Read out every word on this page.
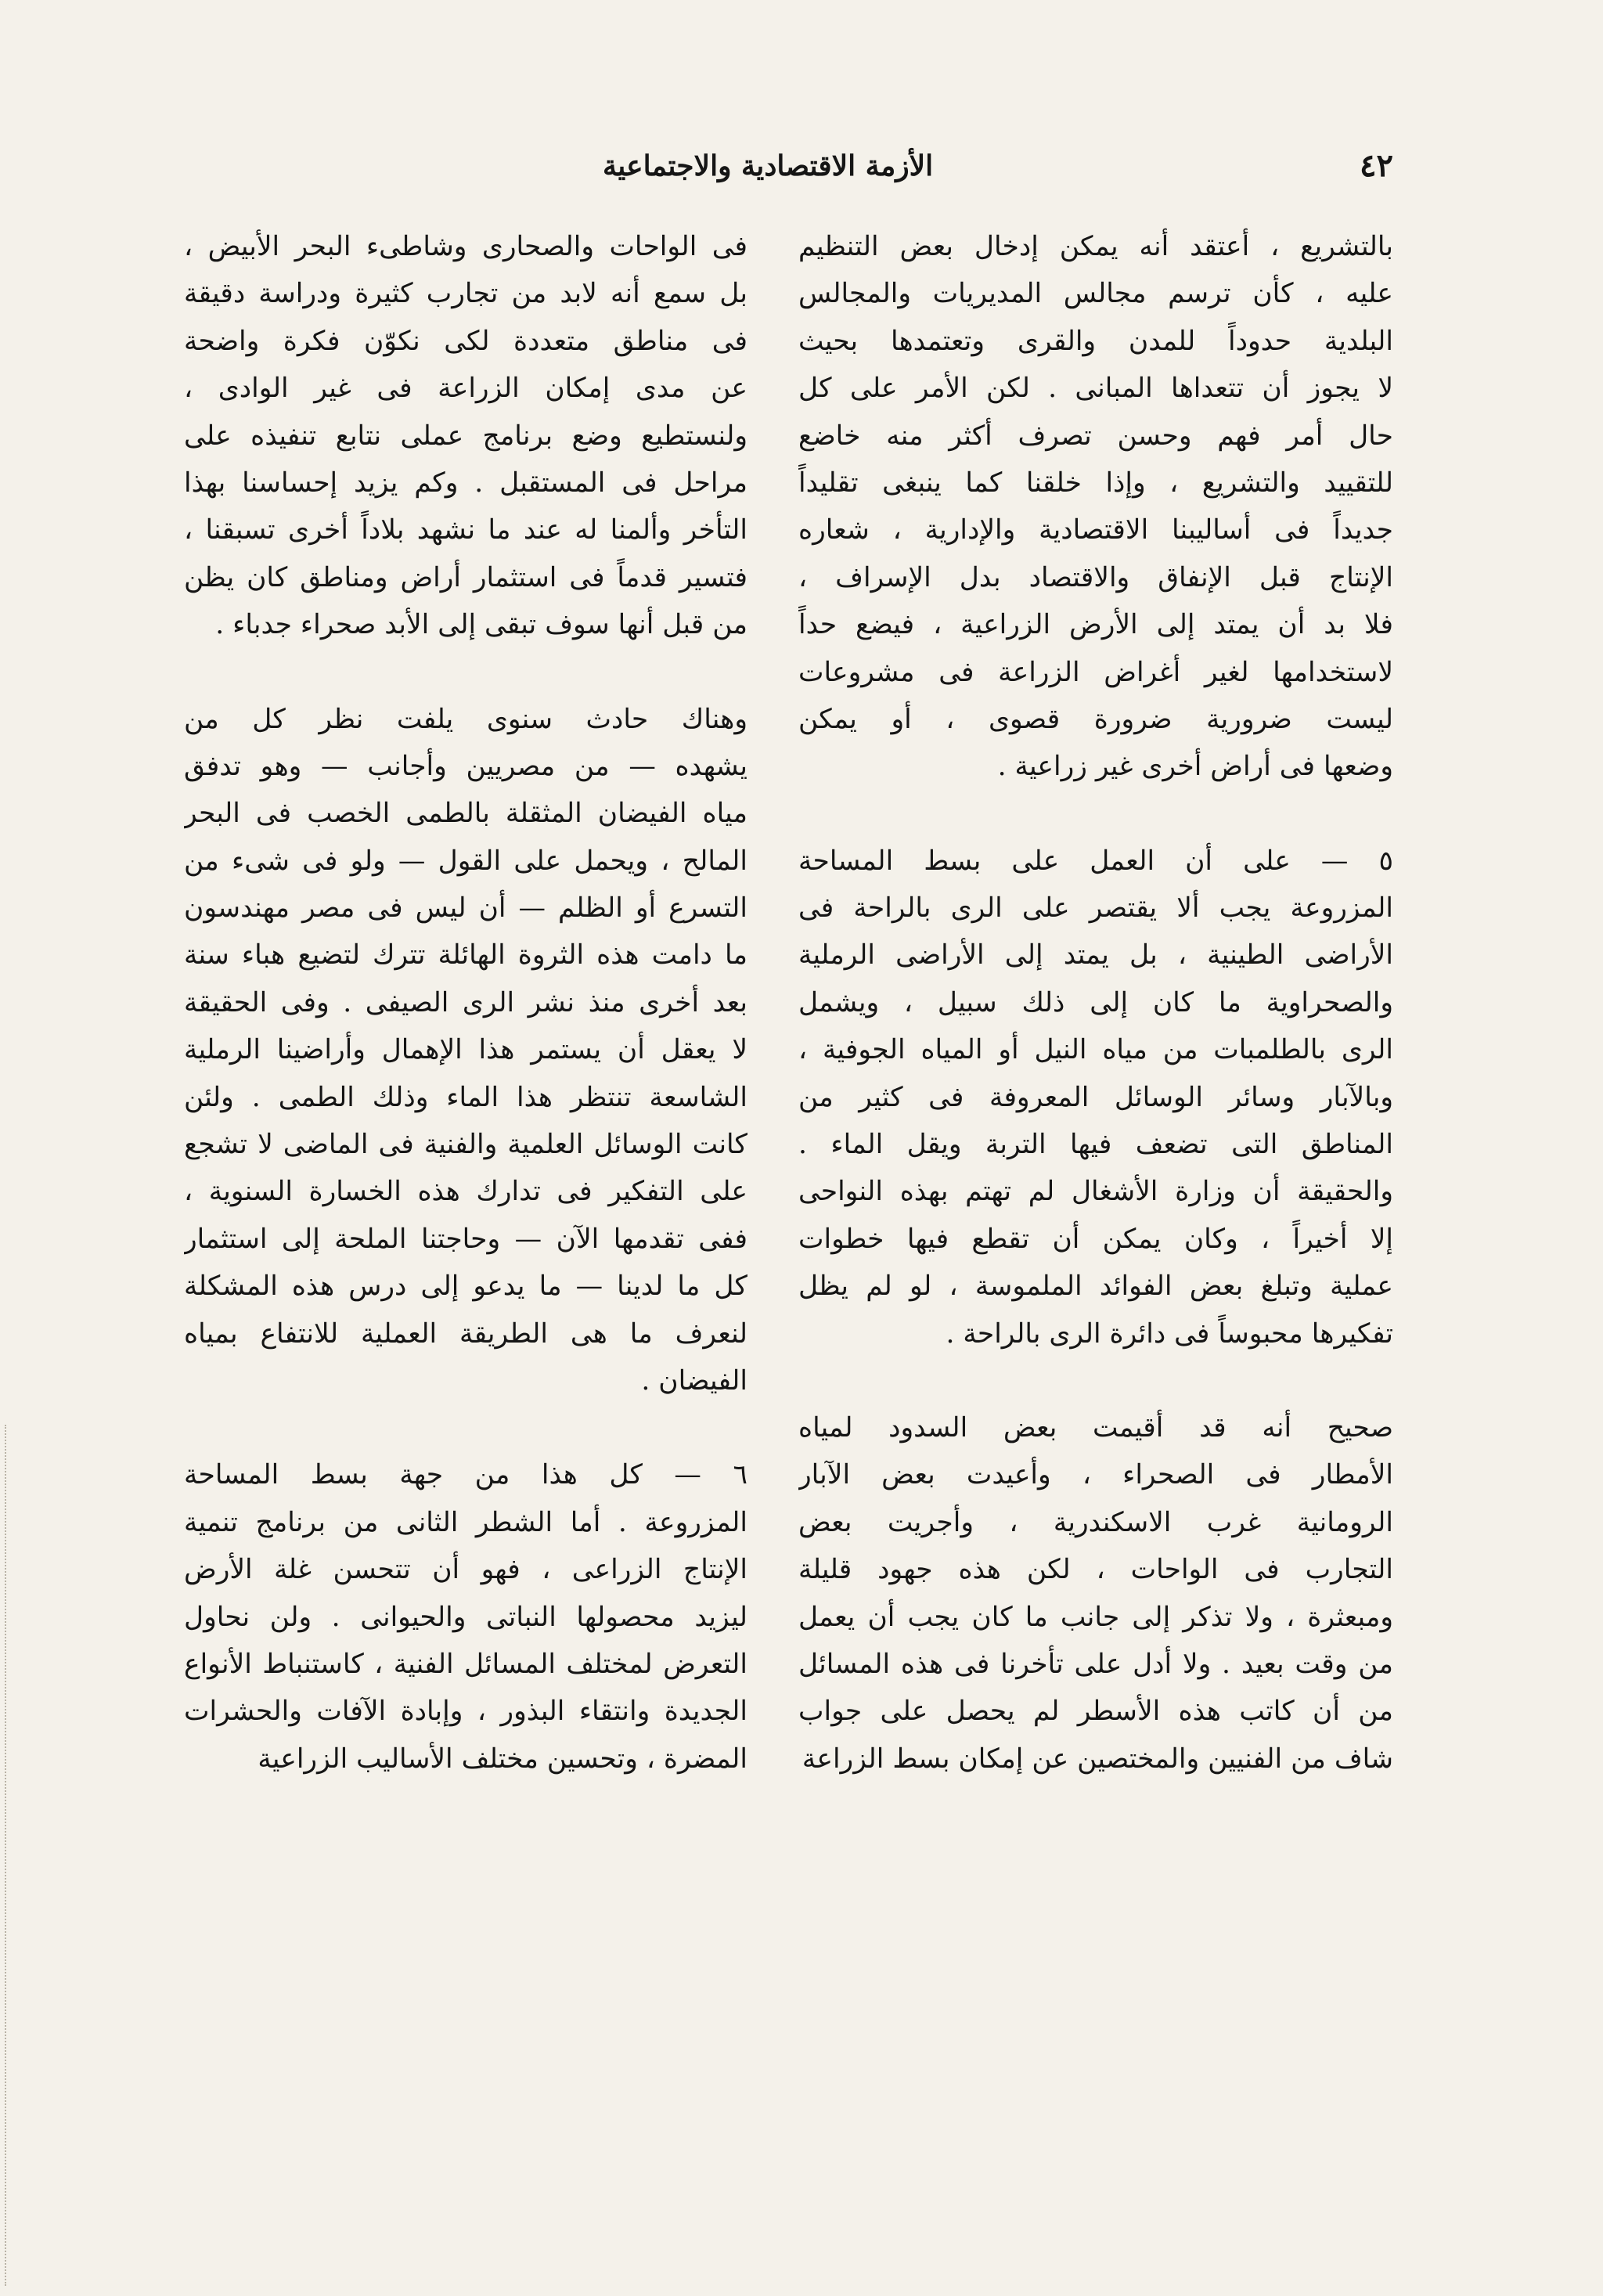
٤٢
الأزمة الاقتصادية والاجتماعية
بالتشريع ، أعتقد أنه يمكن إدخال بعض التنظيم
عليه ، كأن ترسم مجالس المديريات والمجالس
البلدية حدوداً للمدن والقرى وتعتمدها بحيث
لا يجوز أن تتعداها المبانى . لكن الأمر على كل
حال أمر فهم وحسن تصرف أكثر منه خاضع
للتقييد والتشريع ، وإذا خلقنا كما ينبغى تقليداً
جديداً فى أساليبنا الاقتصادية والإدارية ، شعاره
الإنتاج قبل الإنفاق والاقتصاد بدل الإسراف ،
فلا بد أن يمتد إلى الأرض الزراعية ، فيضع حداً
لاستخدامها لغير أغراض الزراعة فى مشروعات
ليست ضرورية ضرورة قصوى ، أو يمكن
وضعها فى أراض أخرى غير زراعية .
٥ — على أن العمل على بسط المساحة
المزروعة يجب ألا يقتصر على الرى بالراحة فى
الأراضى الطينية ، بل يمتد إلى الأراضى الرملية
والصحراوية ما كان إلى ذلك سبيل ، ويشمل
الرى بالطلمبات من مياه النيل أو المياه الجوفية ،
وبالآبار وسائر الوسائل المعروفة فى كثير من
المناطق التى تضعف فيها التربة ويقل الماء .
والحقيقة أن وزارة الأشغال لم تهتم بهذه النواحى
إلا أخيراً ، وكان يمكن أن تقطع فيها خطوات
عملية وتبلغ بعض الفوائد الملموسة ، لو لم يظل
تفكيرها محبوساً فى دائرة الرى بالراحة .
صحيح أنه قد أقيمت بعض السدود لمياه
الأمطار فى الصحراء ، وأعيدت بعض الآبار
الرومانية غرب الاسكندرية ، وأجريت بعض
التجارب فى الواحات ، لكن هذه جهود قليلة
ومبعثرة ، ولا تذكر إلى جانب ما كان يجب أن يعمل
من وقت بعيد . ولا أدل على تأخرنا فى هذه المسائل
من أن كاتب هذه الأسطر لم يحصل على جواب
شاف من الفنيين والمختصين عن إمكان بسط الزراعة
فى الواحات والصحارى وشاطىء البحر الأبيض ،
بل سمع أنه لابد من تجارب كثيرة ودراسة دقيقة
فى مناطق متعددة لكى نكوّن فكرة واضحة
عن مدى إمكان الزراعة فى غير الوادى ،
ولنستطيع وضع برنامج عملى نتابع تنفيذه على
مراحل فى المستقبل . وكم يزيد إحساسنا بهذا
التأخر وألمنا له عند ما نشهد بلاداً أخرى تسبقنا ،
فتسير قدماً فى استثمار أراض ومناطق كان يظن
من قبل أنها سوف تبقى إلى الأبد صحراء جدباء .
وهناك حادث سنوى يلفت نظر كل من
يشهده — من مصريين وأجانب — وهو تدفق
مياه الفيضان المثقلة بالطمى الخصب فى البحر
المالح ، ويحمل على القول — ولو فى شىء من
التسرع أو الظلم — أن ليس فى مصر مهندسون
ما دامت هذه الثروة الهائلة تترك لتضيع هباء سنة
بعد أخرى منذ نشر الرى الصيفى . وفى الحقيقة
لا يعقل أن يستمر هذا الإهمال وأراضينا الرملية
الشاسعة تنتظر هذا الماء وذلك الطمى . ولئن
كانت الوسائل العلمية والفنية فى الماضى لا تشجع
على التفكير فى تدارك هذه الخسارة السنوية ،
ففى تقدمها الآن — وحاجتنا الملحة إلى استثمار
كل ما لدينا — ما يدعو إلى درس هذه المشكلة
لنعرف ما هى الطريقة العملية للانتفاع بمياه
الفيضان .
٦ — كل هذا من جهة بسط المساحة
المزروعة . أما الشطر الثانى من برنامج تنمية
الإنتاج الزراعى ، فهو أن تتحسن غلة الأرض
ليزيد محصولها النباتى والحيوانى . ولن نحاول
التعرض لمختلف المسائل الفنية ، كاستنباط الأنواع
الجديدة وانتقاء البذور ، وإبادة الآفات والحشرات
المضرة ، وتحسين مختلف الأساليب الزراعية
